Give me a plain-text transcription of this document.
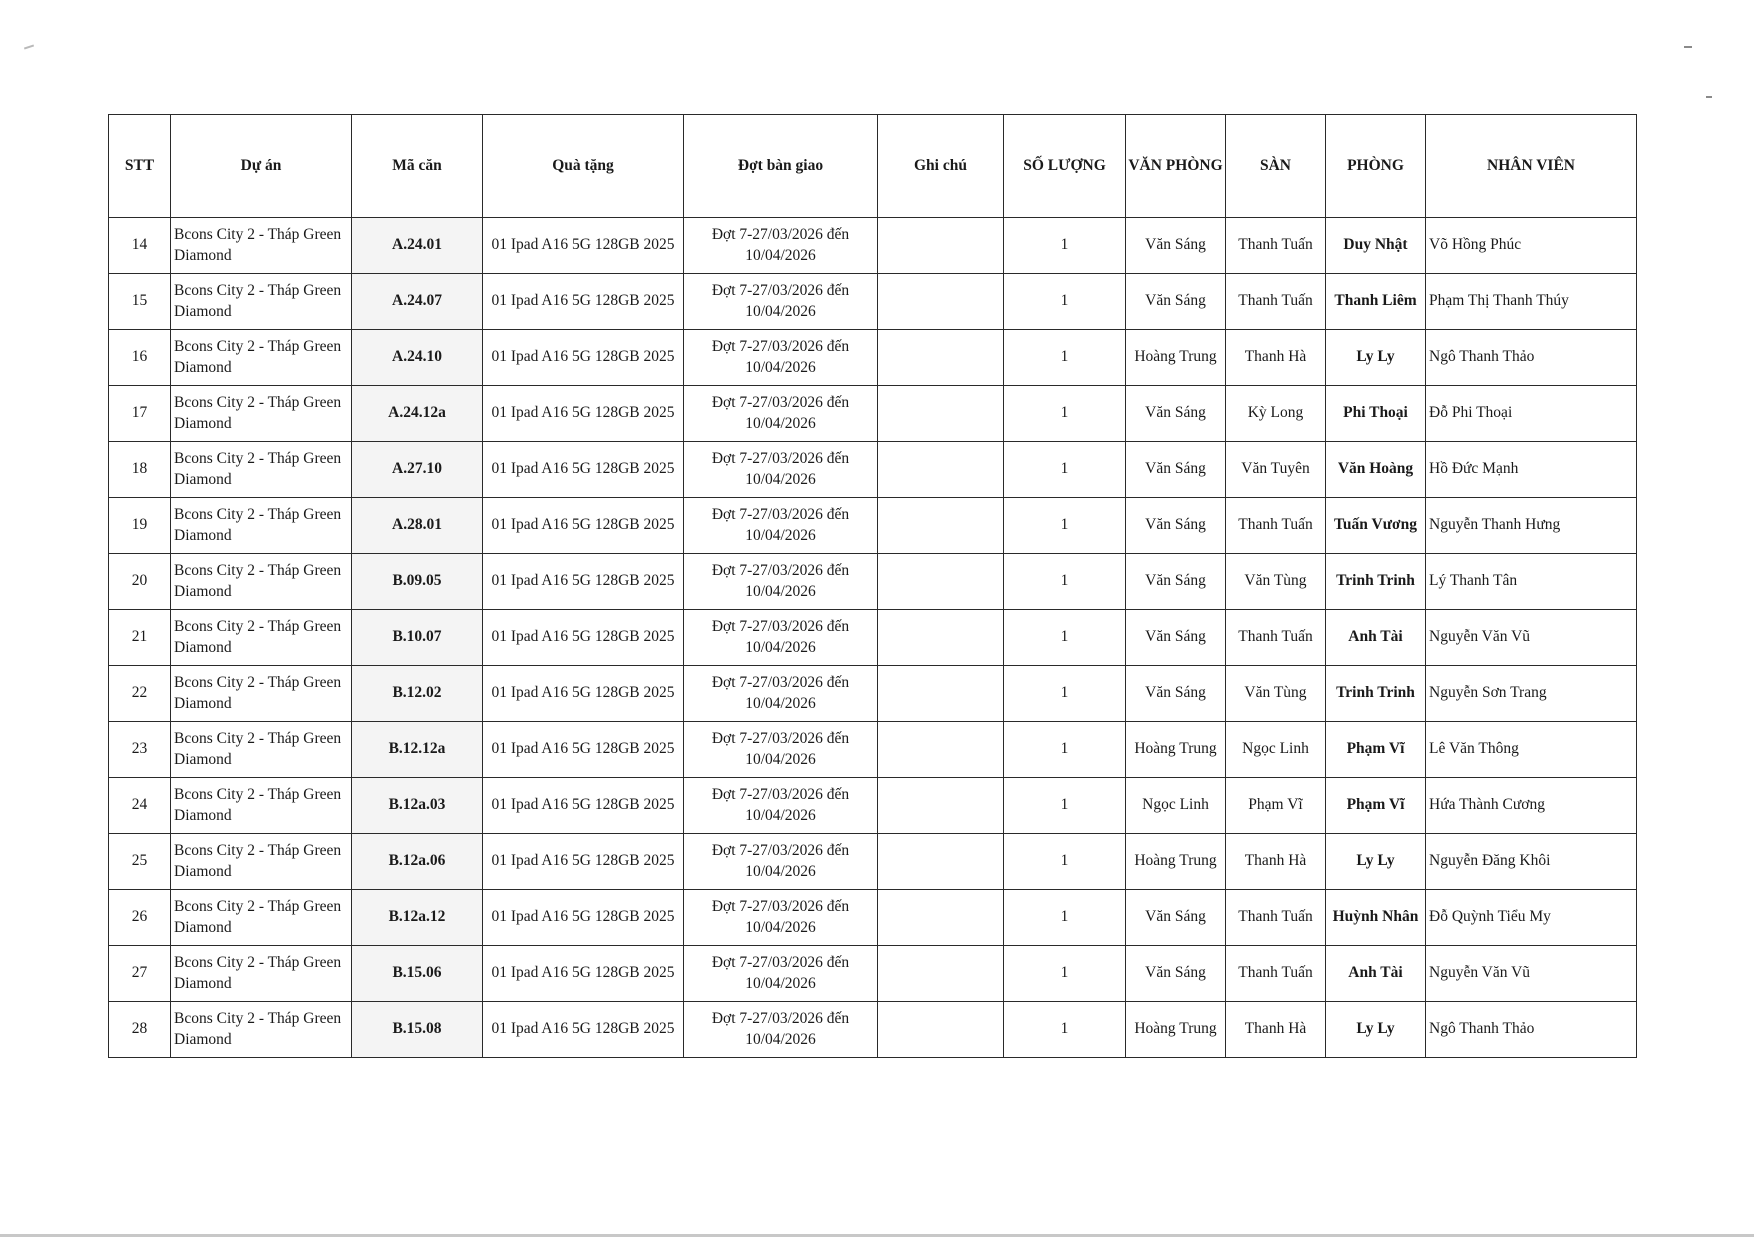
STT	Dự án	Mã căn	Quà tặng	Đợt bàn giao	Ghi chú	SỐ LƯỢNG	VĂN PHÒNG	SÀN	PHÒNG	NHÂN VIÊN
14	Bcons City 2 - Tháp Green Diamond	A.24.01	01 Ipad A16 5G 128GB 2025	Đợt 7-27/03/2026 đến 10/04/2026		1	Văn Sáng	Thanh Tuấn	Duy Nhật	Võ Hồng Phúc
15	Bcons City 2 - Tháp Green Diamond	A.24.07	01 Ipad A16 5G 128GB 2025	Đợt 7-27/03/2026 đến 10/04/2026		1	Văn Sáng	Thanh Tuấn	Thanh Liêm	Phạm Thị Thanh Thúy
16	Bcons City 2 - Tháp Green Diamond	A.24.10	01 Ipad A16 5G 128GB 2025	Đợt 7-27/03/2026 đến 10/04/2026		1	Hoàng Trung	Thanh Hà	Ly Ly	Ngô Thanh Thảo
17	Bcons City 2 - Tháp Green Diamond	A.24.12a	01 Ipad A16 5G 128GB 2025	Đợt 7-27/03/2026 đến 10/04/2026		1	Văn Sáng	Kỳ Long	Phi Thoại	Đỗ Phi Thoại
18	Bcons City 2 - Tháp Green Diamond	A.27.10	01 Ipad A16 5G 128GB 2025	Đợt 7-27/03/2026 đến 10/04/2026		1	Văn Sáng	Văn Tuyên	Văn Hoàng	Hồ Đức Mạnh
19	Bcons City 2 - Tháp Green Diamond	A.28.01	01 Ipad A16 5G 128GB 2025	Đợt 7-27/03/2026 đến 10/04/2026		1	Văn Sáng	Thanh Tuấn	Tuấn Vương	Nguyễn Thanh Hưng
20	Bcons City 2 - Tháp Green Diamond	B.09.05	01 Ipad A16 5G 128GB 2025	Đợt 7-27/03/2026 đến 10/04/2026		1	Văn Sáng	Văn Tùng	Trinh Trinh	Lý Thanh Tân
21	Bcons City 2 - Tháp Green Diamond	B.10.07	01 Ipad A16 5G 128GB 2025	Đợt 7-27/03/2026 đến 10/04/2026		1	Văn Sáng	Thanh Tuấn	Anh Tài	Nguyễn Văn Vũ
22	Bcons City 2 - Tháp Green Diamond	B.12.02	01 Ipad A16 5G 128GB 2025	Đợt 7-27/03/2026 đến 10/04/2026		1	Văn Sáng	Văn Tùng	Trinh Trinh	Nguyễn Sơn Trang
23	Bcons City 2 - Tháp Green Diamond	B.12.12a	01 Ipad A16 5G 128GB 2025	Đợt 7-27/03/2026 đến 10/04/2026		1	Hoàng Trung	Ngọc Linh	Phạm Vĩ	Lê Văn Thông
24	Bcons City 2 - Tháp Green Diamond	B.12a.03	01 Ipad A16 5G 128GB 2025	Đợt 7-27/03/2026 đến 10/04/2026		1	Ngọc Linh	Phạm Vĩ	Phạm Vĩ	Hứa Thành Cương
25	Bcons City 2 - Tháp Green Diamond	B.12a.06	01 Ipad A16 5G 128GB 2025	Đợt 7-27/03/2026 đến 10/04/2026		1	Hoàng Trung	Thanh Hà	Ly Ly	Nguyễn Đăng Khôi
26	Bcons City 2 - Tháp Green Diamond	B.12a.12	01 Ipad A16 5G 128GB 2025	Đợt 7-27/03/2026 đến 10/04/2026		1	Văn Sáng	Thanh Tuấn	Huỳnh Nhân	Đỗ Quỳnh Tiểu My
27	Bcons City 2 - Tháp Green Diamond	B.15.06	01 Ipad A16 5G 128GB 2025	Đợt 7-27/03/2026 đến 10/04/2026		1	Văn Sáng	Thanh Tuấn	Anh Tài	Nguyễn Văn Vũ
28	Bcons City 2 - Tháp Green Diamond	B.15.08	01 Ipad A16 5G 128GB 2025	Đợt 7-27/03/2026 đến 10/04/2026		1	Hoàng Trung	Thanh Hà	Ly Ly	Ngô Thanh Thảo
